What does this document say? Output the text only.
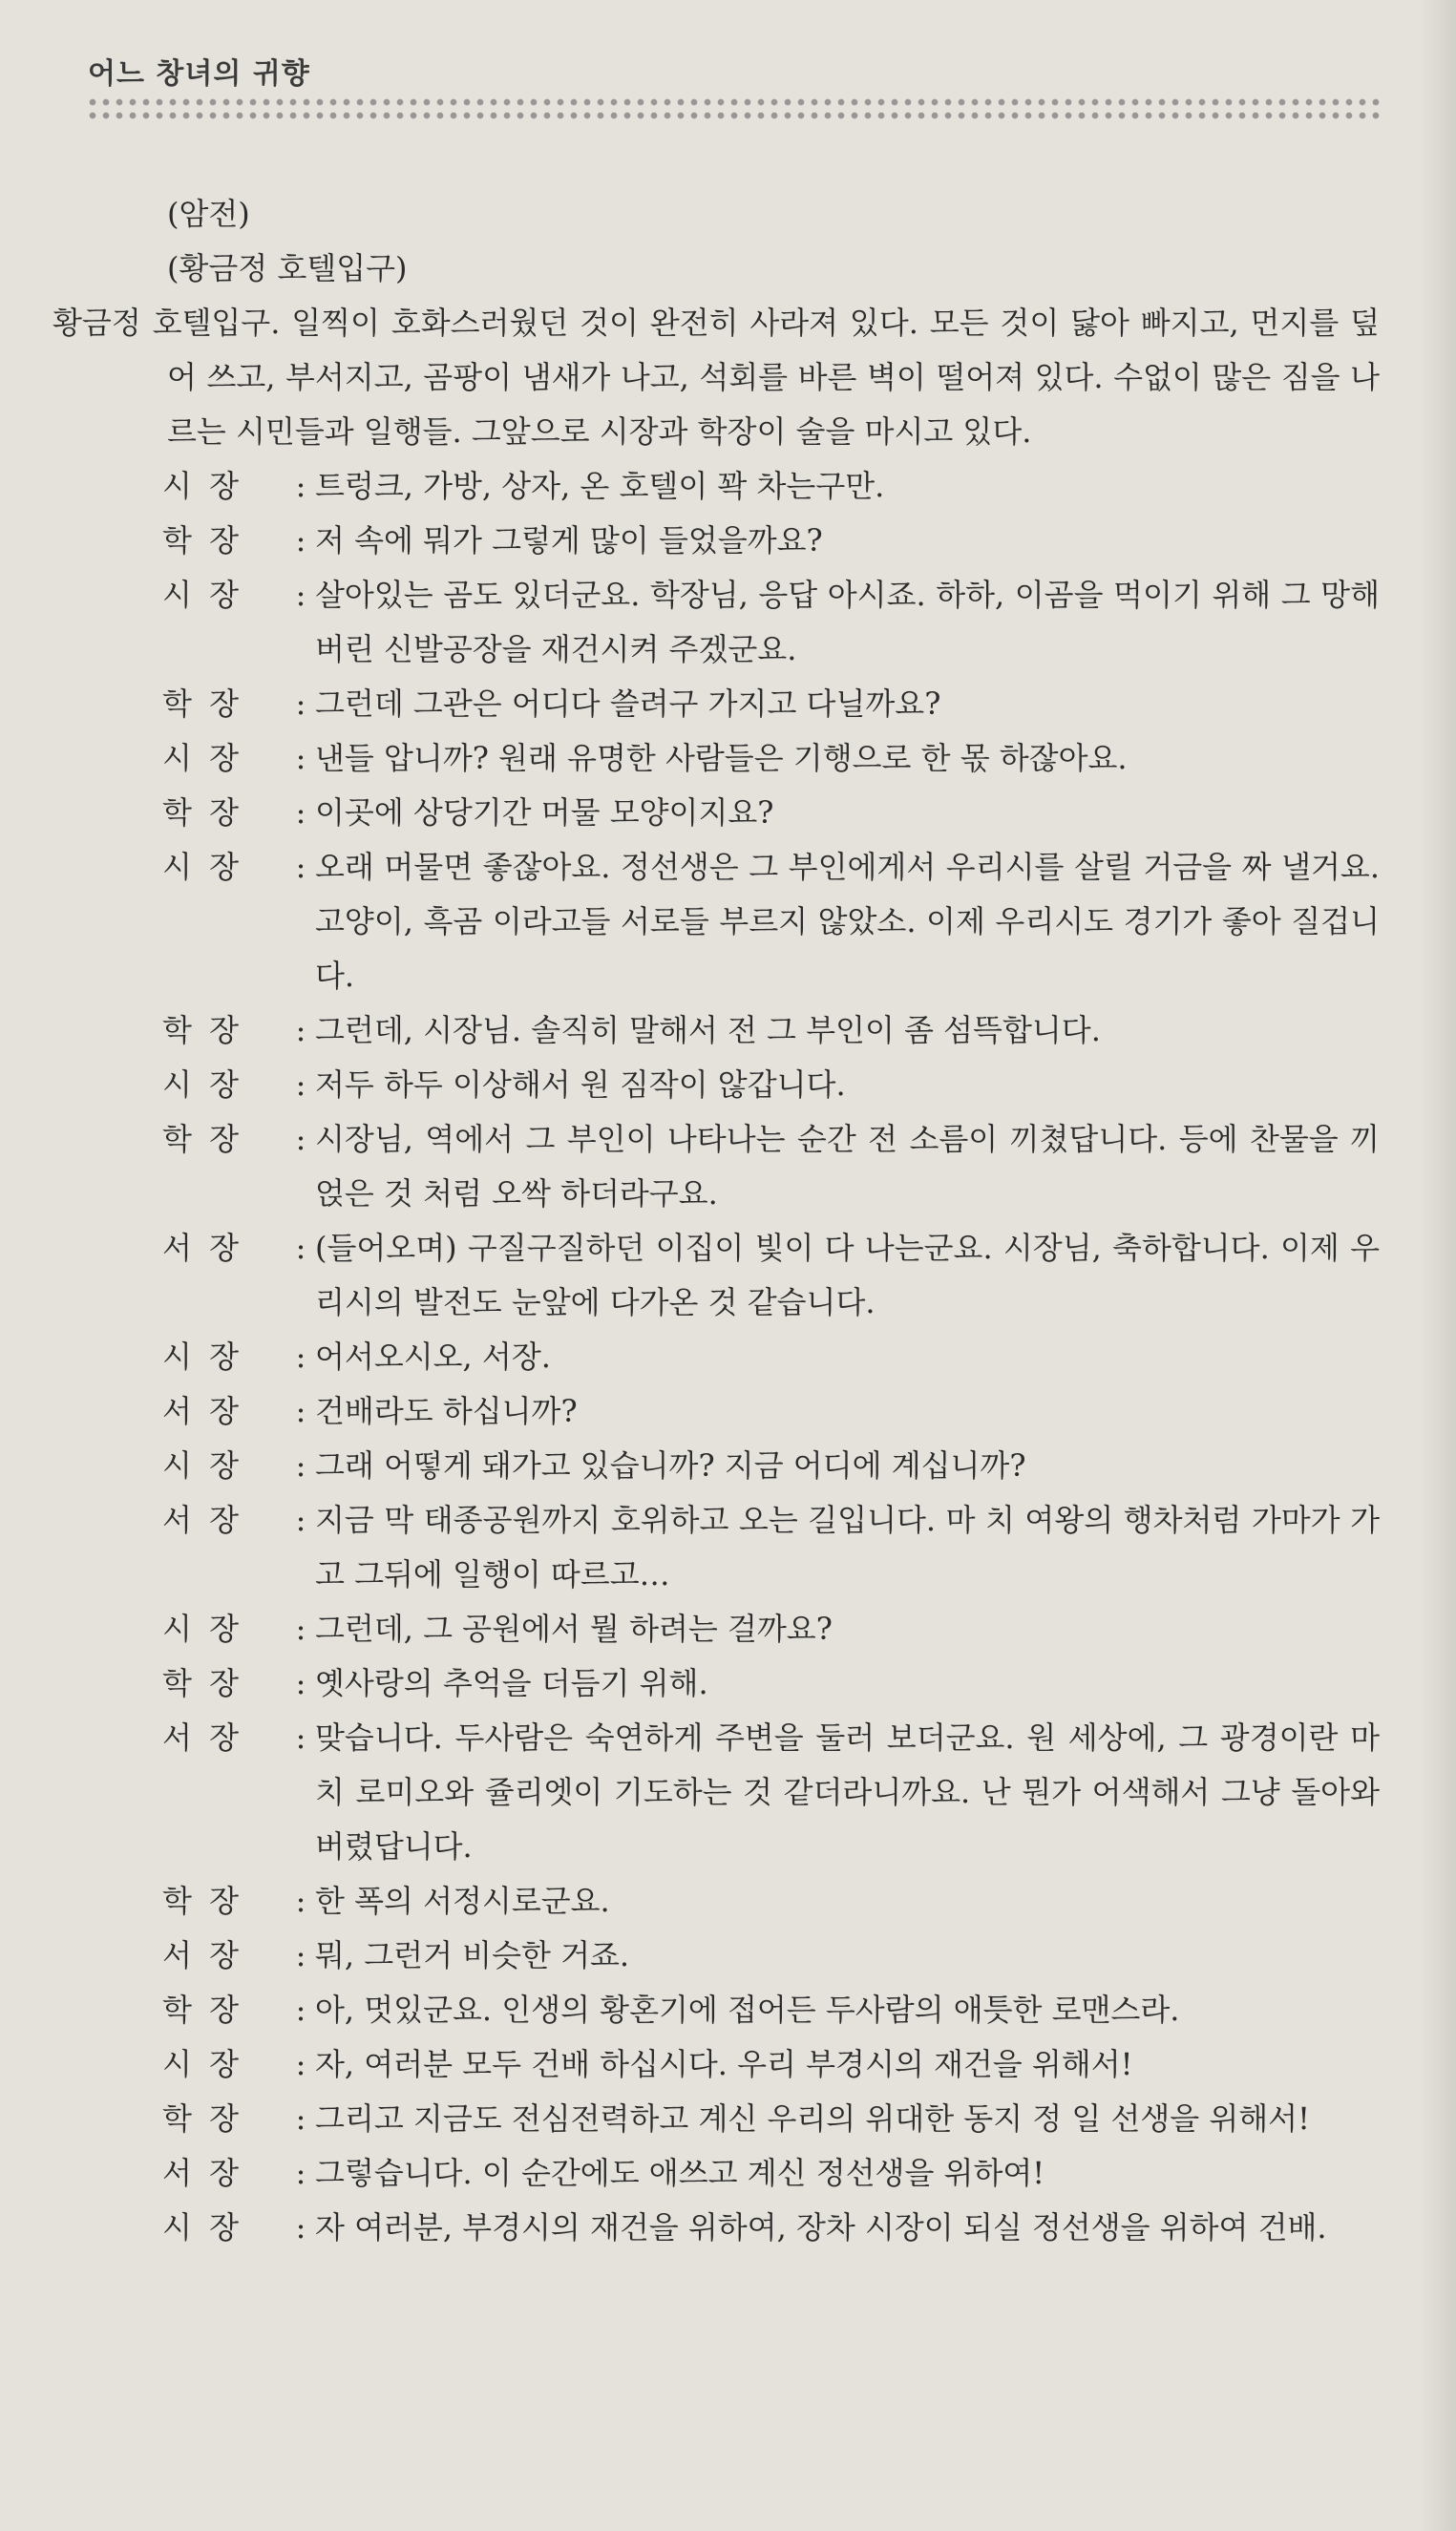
어느 창녀의 귀향

(암전)

(황금정 호텔입구)

황금정 호텔입구. 일찍이 호화스러웠던 것이 완전히 사라져 있다. 모든 것이 닳아 빠지고, 먼지를 덮어 쓰고, 부서지고, 곰팡이 냄새가 나고, 석회를 바른 벽이 떨어져 있다. 수없이 많은 짐을 나르는 시민들과 일행들. 그앞으로 시장과 학장이 술을 마시고 있다.

시 장	: 트렁크, 가방, 상자, 온 호텔이 꽉 차는구만.
학 장	: 저 속에 뭐가 그렇게 많이 들었을까요?
시 장	: 살아있는 곰도 있더군요. 학장님, 응답 아시죠. 하하, 이곰을 먹이기 위해 그 망해버린 신발공장을 재건시켜 주겠군요.
학 장	: 그런데 그관은 어디다 쓸려구 가지고 다닐까요?
시 장	: 낸들 압니까? 원래 유명한 사람들은 기행으로 한 몫 하잖아요.
학 장	: 이곳에 상당기간 머물 모양이지요?
시 장	: 오래 머물면 좋잖아요. 정선생은 그 부인에게서 우리시를 살릴 거금을 짜 낼거요. 고양이, 흑곰 이라고들 서로들 부르지 않았소. 이제 우리시도 경기가 좋아 질겁니다.
학 장	: 그런데, 시장님. 솔직히 말해서 전 그 부인이 좀 섬뜩합니다.
시 장	: 저두 하두 이상해서 원 짐작이 않갑니다.
학 장	: 시장님, 역에서 그 부인이 나타나는 순간 전 소름이 끼쳤답니다. 등에 찬물을 끼얹은 것 처럼 오싹 하더라구요.
서 장	: (들어오며) 구질구질하던 이집이 빛이 다 나는군요. 시장님, 축하합니다. 이제 우리시의 발전도 눈앞에 다가온 것 같습니다.
시 장	: 어서오시오, 서장.
서 장	: 건배라도 하십니까?
시 장	: 그래 어떻게 돼가고 있습니까? 지금 어디에 계십니까?
서 장	: 지금 막 태종공원까지 호위하고 오는 길입니다. 마 치 여왕의 행차처럼 가마가 가고 그뒤에 일행이 따르고…
시 장	: 그런데, 그 공원에서 뭘 하려는 걸까요?
학 장	: 옛사랑의 추억을 더듬기 위해.
서 장	: 맞습니다. 두사람은 숙연하게 주변을 둘러 보더군요. 원 세상에, 그 광경이란 마치 로미오와 쥴리엣이 기도하는 것 같더라니까요. 난 뭔가 어색해서 그냥 돌아와 버렸답니다.
학 장	: 한 폭의 서정시로군요.
서 장	: 뭐, 그런거 비슷한 거죠.
학 장	: 아, 멋있군요. 인생의 황혼기에 접어든 두사람의 애틋한 로맨스라.
시 장	: 자, 여러분 모두 건배 하십시다. 우리 부경시의 재건을 위해서!
학 장	: 그리고 지금도 전심전력하고 계신 우리의 위대한 동지 정 일 선생을 위해서!
서 장	: 그렇습니다. 이 순간에도 애쓰고 계신 정선생을 위하여!
시 장	: 자 여러분, 부경시의 재건을 위하여, 장차 시장이 되실 정선생을 위하여 건배.
